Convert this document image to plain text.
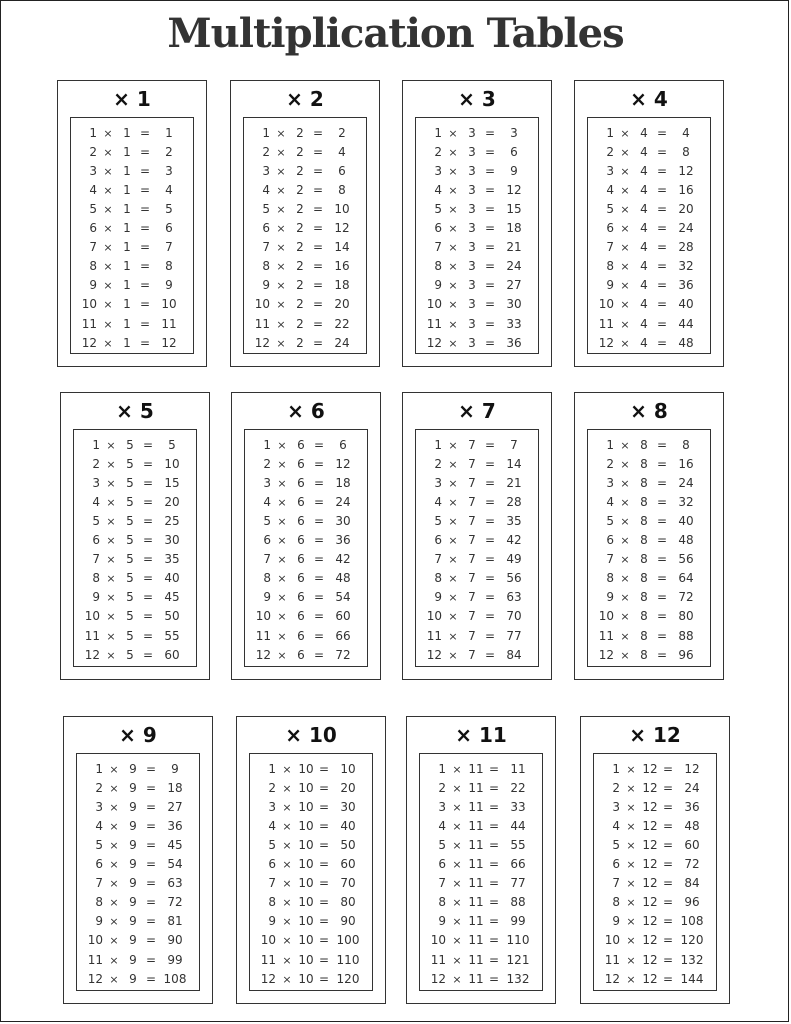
Multiplication Tables
× 1
1 × 1 =	1
2 × 1 =	2
3 × 1 =	3
4 × 1 =	4
5 × 1 =	5
6 × 1 =	6
7 × 1 =	7
8 × 1 =	8
9 × 1 =	9
10 × 1 = 10
11 × 1 = 11
12 × 1 = 12
× 2
1 × 2 =	2
2 × 2 =	4
3 × 2 =	6
4 × 2 =	8
5 × 2 = 10
6 × 2 = 12
7 × 2 = 14
8 × 2 = 16
9 × 2 = 18
10 × 2 = 20
11 × 2 = 22
12 × 2 = 24
× 3
1 × 3 =	3
2 × 3 =	6
3 × 3 =	9
4 × 3 = 12
5 × 3 = 15
6 × 3 = 18
7 × 3 = 21
8 × 3 = 24
9 × 3 = 27
10 × 3 = 30
11 × 3 = 33
12 × 3 = 36
× 4
1 × 4 =	4
2 × 4 =	8
3 × 4 = 12
4 × 4 = 16
5 × 4 = 20
6 × 4 = 24
7 × 4 = 28
8 × 4 = 32
9 × 4 = 36
10 × 4 = 40
11 × 4 = 44
12 × 4 = 48
× 5
1 × 5 =	5
2 × 5 = 10
3 × 5 = 15
4 × 5 = 20
5 × 5 = 25
6 × 5 = 30
7 × 5 = 35
8 × 5 = 40
9 × 5 = 45
10 × 5 = 50
11 × 5 = 55
12 × 5 = 60
× 6
1 × 6 =	6
2 × 6 = 12
3 × 6 = 18
4 × 6 = 24
5 × 6 = 30
6 × 6 = 36
7 × 6 = 42
8 × 6 = 48
9 × 6 = 54
10 × 6 = 60
11 × 6 = 66
12 × 6 = 72
× 7
1 × 7 =	7
2 × 7 = 14
3 × 7 = 21
4 × 7 = 28
5 × 7 = 35
6 × 7 = 42
7 × 7 = 49
8 × 7 = 56
9 × 7 = 63
10 × 7 = 70
11 × 7 = 77
12 × 7 = 84
× 8
1 × 8 =	8
2 × 8 = 16
3 × 8 = 24
4 × 8 = 32
5 × 8 = 40
6 × 8 = 48
7 × 8 = 56
8 × 8 = 64
9 × 8 = 72
10 × 8 = 80
11 × 8 = 88
12 × 8 = 96
× 9
1 × 9 =	9
2 × 9 = 18
3 × 9 = 27
4 × 9 = 36
5 × 9 = 45
6 × 9 = 54
7 × 9 = 63
8 × 9 = 72
9 × 9 = 81
10 × 9 = 90
11 × 9 = 99
12 × 9 = 108
× 10
1 × 10 = 10
2 × 10 = 20
3 × 10 = 30
4 × 10 = 40
5 × 10 = 50
6 × 10 = 60
7 × 10 = 70
8 × 10 = 80
9 × 10 = 90
10 × 10 = 100
11 × 10 = 110
12 × 10 = 120
× 11
1 × 11 = 11
2 × 11 = 22
3 × 11 = 33
4 × 11 = 44
5 × 11 = 55
6 × 11 = 66
7 × 11 = 77
8 × 11 = 88
9 × 11 = 99
10 × 11 = 110
11 × 11 = 121
12 × 11 = 132
× 12
1 × 12 = 12
2 × 12 = 24
3 × 12 = 36
4 × 12 = 48
5 × 12 = 60
6 × 12 = 72
7 × 12 = 84
8 × 12 = 96
9 × 12 = 108
10 × 12 = 120
11 × 12 = 132
12 × 12 = 144
